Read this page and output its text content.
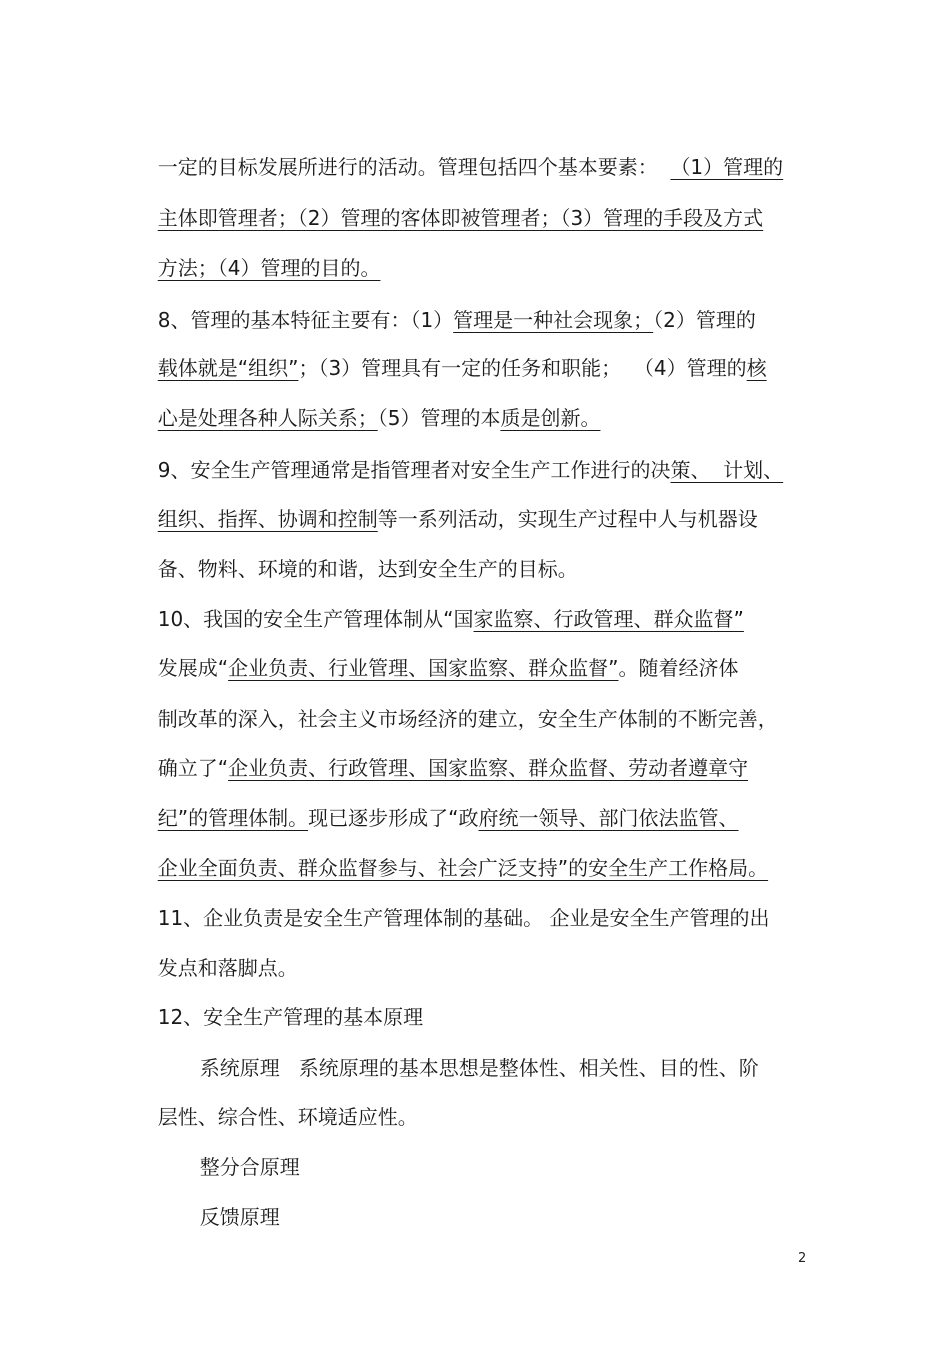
一定的目标发展所进行的活动。管理包括四个基本要素：  （1）管理的

主体即管理者；（2）管理的客体即被管理者；（3）管理的手段及方式

方法；（4）管理的目的。

8、管理的基本特征主要有：（1）管理是一种社会现象；（2）管理的

载体就是“组织”；（3）管理具有一定的任务和职能；  （4）管理的核

心是处理各种人际关系；（5）管理的本质是创新。

9、安全生产管理通常是指管理者对安全生产工作进行的决策、  计划、

组织、指挥、协调和控制等一系列活动，实现生产过程中人与机器设

备、物料、环境的和谐，达到安全生产的目标。

10、我国的安全生产管理体制从“国家监察、行政管理、群众监督”

发展成“企业负责、行业管理、国家监察、群众监督”。随着经济体

制改革的深入，社会主义市场经济的建立，安全生产体制的不断完善，

确立了“企业负责、行政管理、国家监察、群众监督、劳动者遵章守

纪”的管理体制。现已逐步形成了“政府统一领导、部门依法监管、

企业全面负责、群众监督参与、社会广泛支持”的安全生产工作格局。

11、企业负责是安全生产管理体制的基础。 企业是安全生产管理的出

发点和落脚点。

12、安全生产管理的基本原理

系统原理   系统原理的基本思想是整体性、相关性、目的性、阶

层性、综合性、环境适应性。

整分合原理

反馈原理

2
